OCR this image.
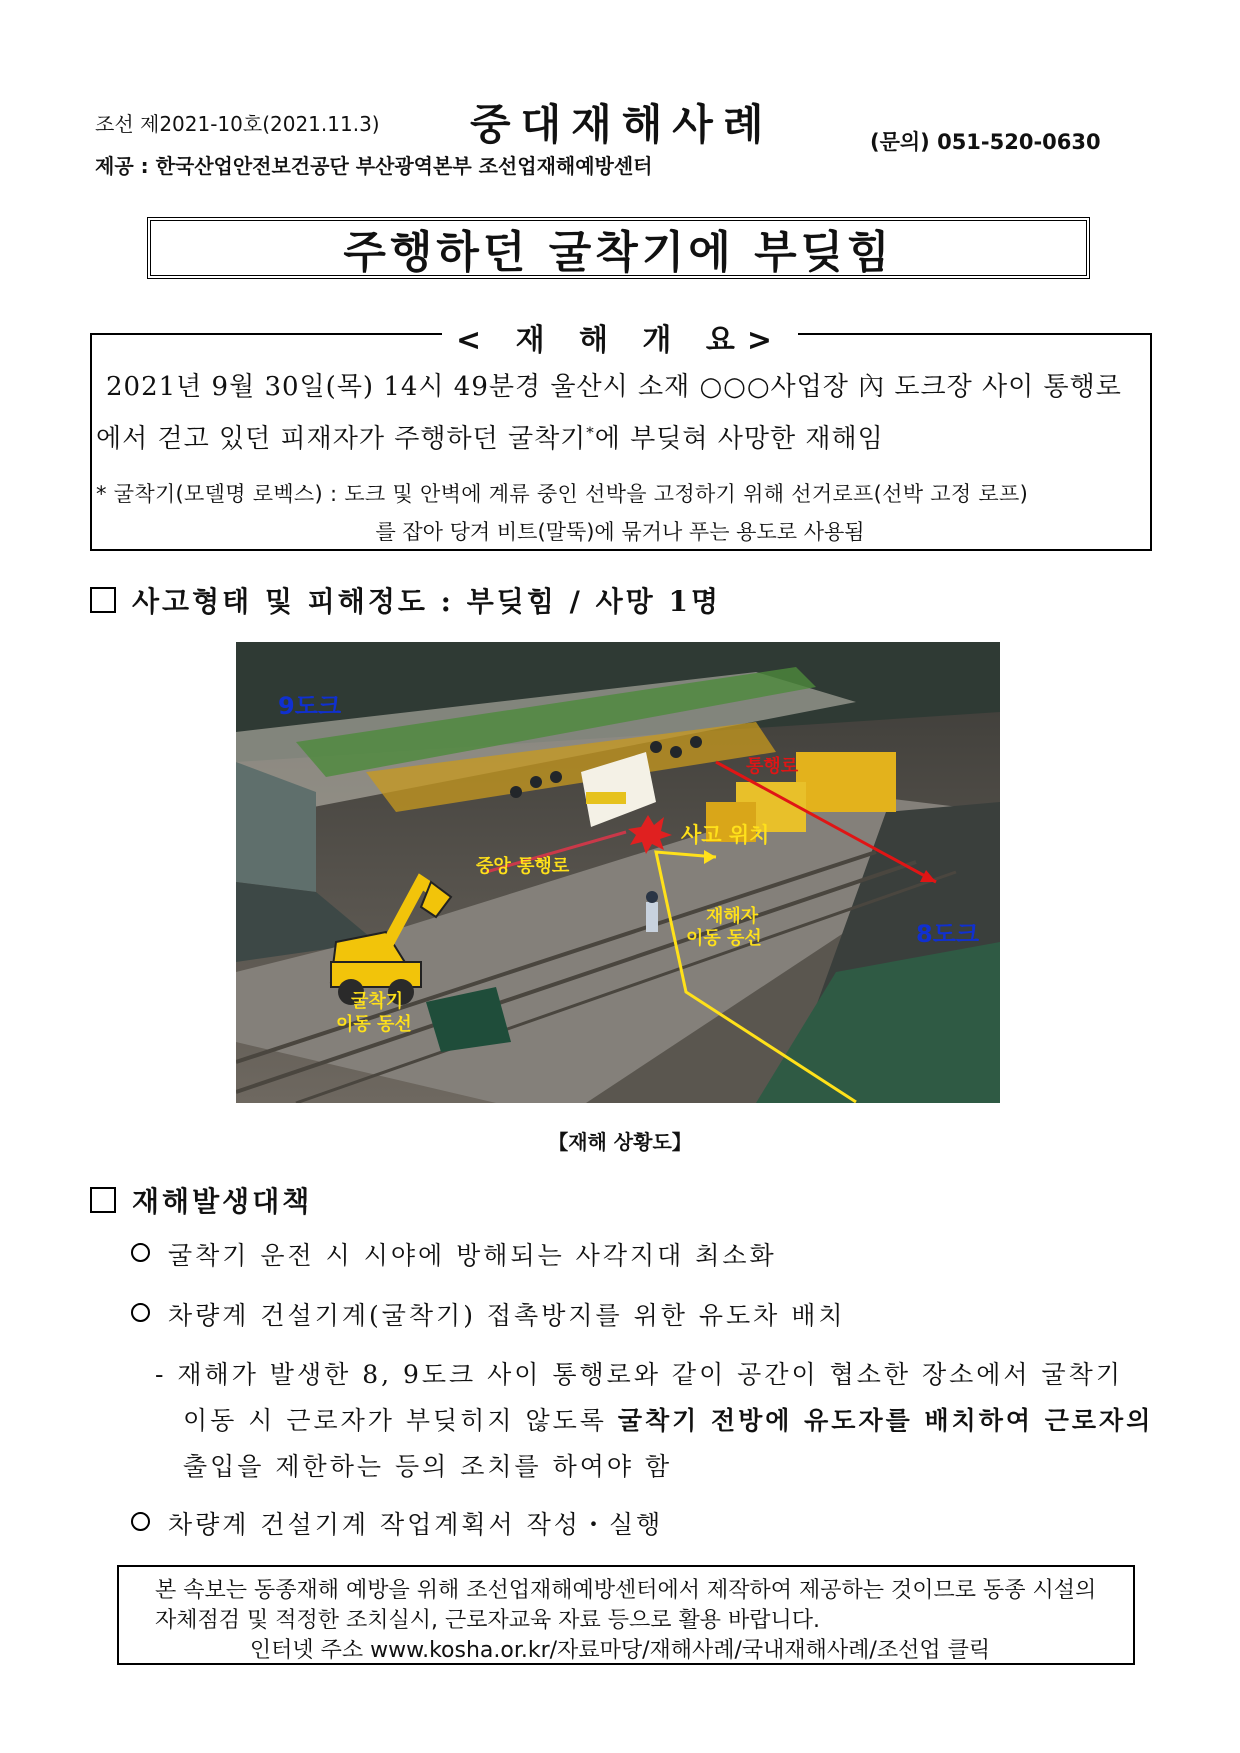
조선 제2021-10호(2021.11.3) 중대재해사례	(문의) 051-520-0630
제공 : 한국산업안전보건공단 부산광역본부 조선업재해예방센터
주행하던 굴착기에 부딪힘
< 재 해 개 요>
2021년 9월 30일(목) 14시 49분경 울산시 소재 ○○○사업장 內 도크장 사이 통행로
에서 걷고 있던 피재자가 주행하던 굴착기*에 부딪혀 사망한 재해임
* 굴착기(모델명 로벡스) : 도크 및 안벽에 계류 중인 선박을 고정하기 위해 선거로프(선박 고정 로프)
를 잡아 당겨 비트(말뚝)에 묶거나 푸는 용도로 사용됨
사고형태 및 피해정도 : 부딪힘 / 사망 1명
9도크
8도크
통행로
사고 위치
중앙 통행로
재해자
이동 동선
굴착기
이동 동선
【재해 상황도】
재해발생대책
굴착기 운전 시 시야에 방해되는 사각지대 최소화
차량계 건설기계(굴착기) 접촉방지를 위한 유도차 배치
- 재해가 발생한 8, 9도크 사이 통행로와 같이 공간이 협소한 장소에서 굴착기
이동 시 근로자가 부딪히지 않도록 굴착기 전방에 유도자를 배치하여 근로자의
출입을 제한하는 등의 조치를 하여야 함
차량계 건설기계 작업계획서 작성・실행
본 속보는 동종재해 예방을 위해 조선업재해예방센터에서 제작하여 제공하는 것이므로 동종 시설의
자체점검 및 적정한 조치실시, 근로자교육 자료 등으로 활용 바랍니다.
인터넷 주소 www.kosha.or.kr/자료마당/재해사례/국내재해사례/조선업 클릭
